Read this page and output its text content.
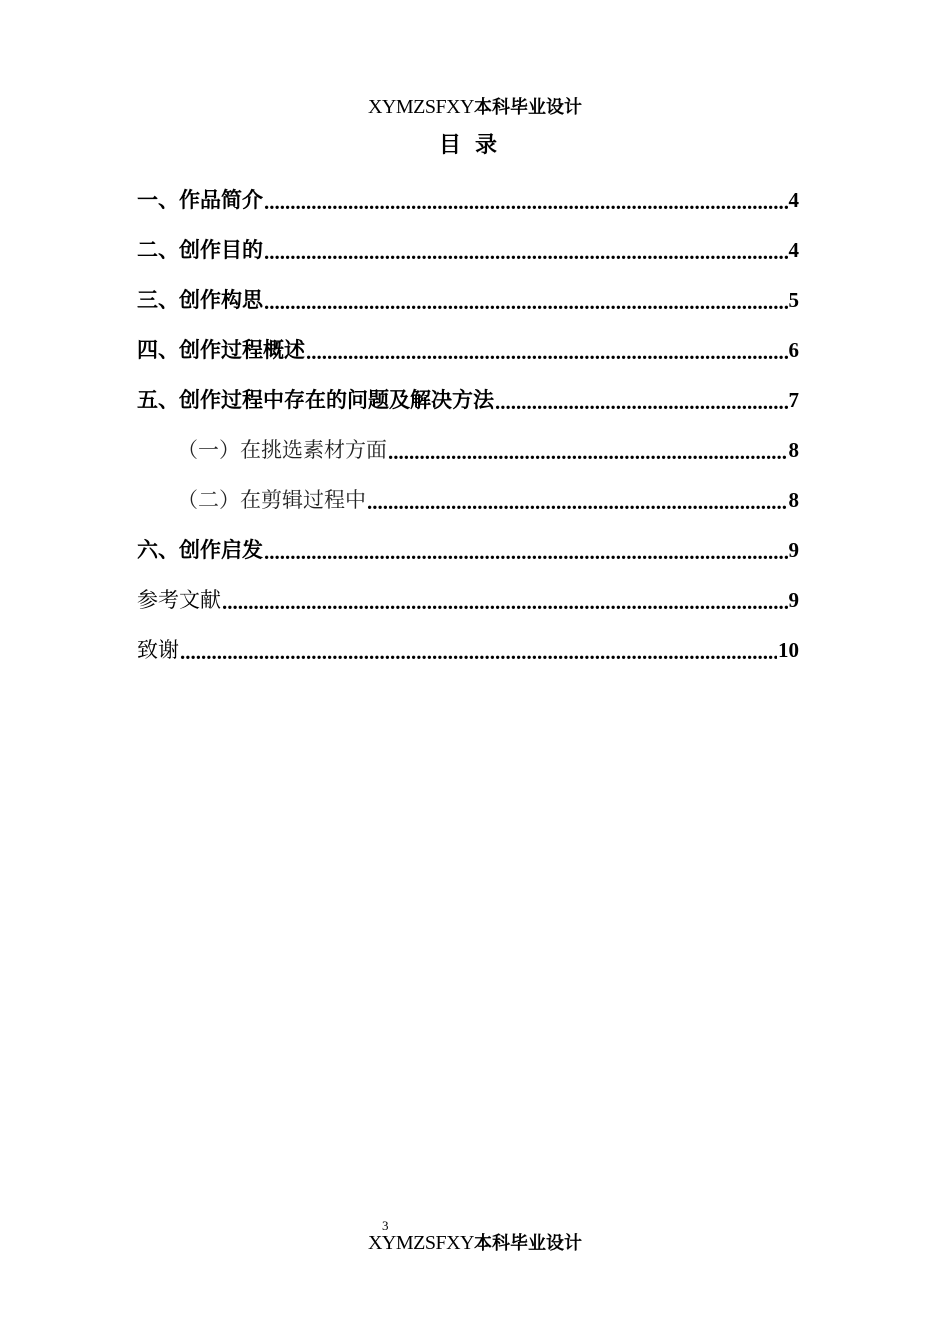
XYMZSFXY本科毕业设计
目录
一、作品简介 .....	4
二、创作目的 .....	4
三、创作构思 .....	5
四、创作过程概述 .....	6
五、创作过程中存在的问题及解决方法 .....	7
（一）在挑选素材方面 .....	8
（二）在剪辑过程中 .....	8
六、创作启发 .....	9
参考文献 .....	9
致谢 .....	10
3
XYMZSFXY本科毕业设计
